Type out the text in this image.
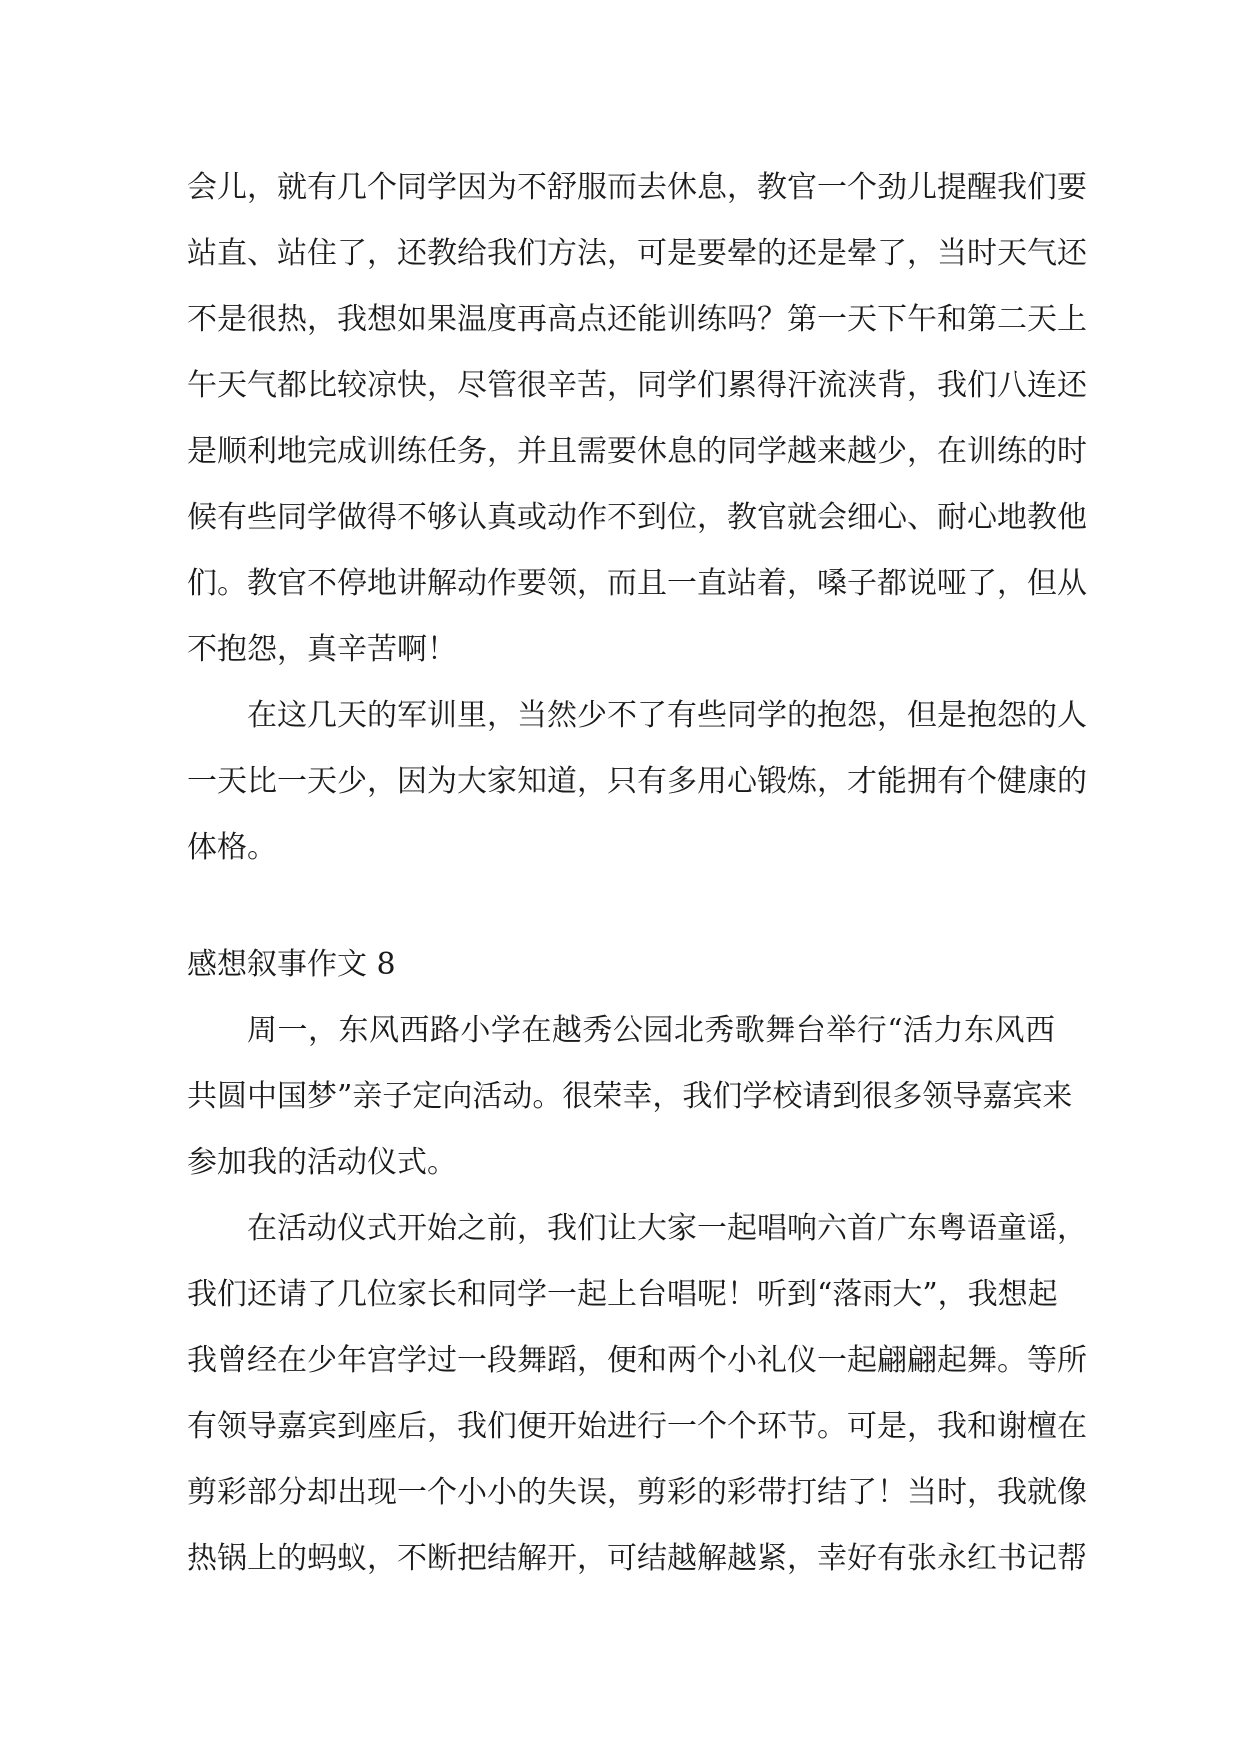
会儿，就有几个同学因为不舒服而去休息，教官一个劲儿提醒我们要
站直、站住了，还教给我们方法，可是要晕的还是晕了，当时天气还
不是很热，我想如果温度再高点还能训练吗？第一天下午和第二天上
午天气都比较凉快，尽管很辛苦，同学们累得汗流浃背，我们八连还
是顺利地完成训练任务，并且需要休息的同学越来越少，在训练的时
候有些同学做得不够认真或动作不到位，教官就会细心、耐心地教他
们。教官不停地讲解动作要领，而且一直站着，嗓子都说哑了，但从
不抱怨，真辛苦啊！
在这几天的军训里，当然少不了有些同学的抱怨，但是抱怨的人
一天比一天少，因为大家知道，只有多用心锻炼，才能拥有个健康的
体格。
感想叙事作文 8
周一，东风西路小学在越秀公园北秀歌舞台举行“活力东风西
共圆中国梦”亲子定向活动。很荣幸，我们学校请到很多领导嘉宾来
参加我的活动仪式。
在活动仪式开始之前，我们让大家一起唱响六首广东粤语童谣，
我们还请了几位家长和同学一起上台唱呢！听到“落雨大”，我想起
我曾经在少年宫学过一段舞蹈，便和两个小礼仪一起翩翩起舞。等所
有领导嘉宾到座后，我们便开始进行一个个环节。可是，我和谢檀在
剪彩部分却出现一个小小的失误，剪彩的彩带打结了！当时，我就像
热锅上的蚂蚁，不断把结解开，可结越解越紧，幸好有张永红书记帮
